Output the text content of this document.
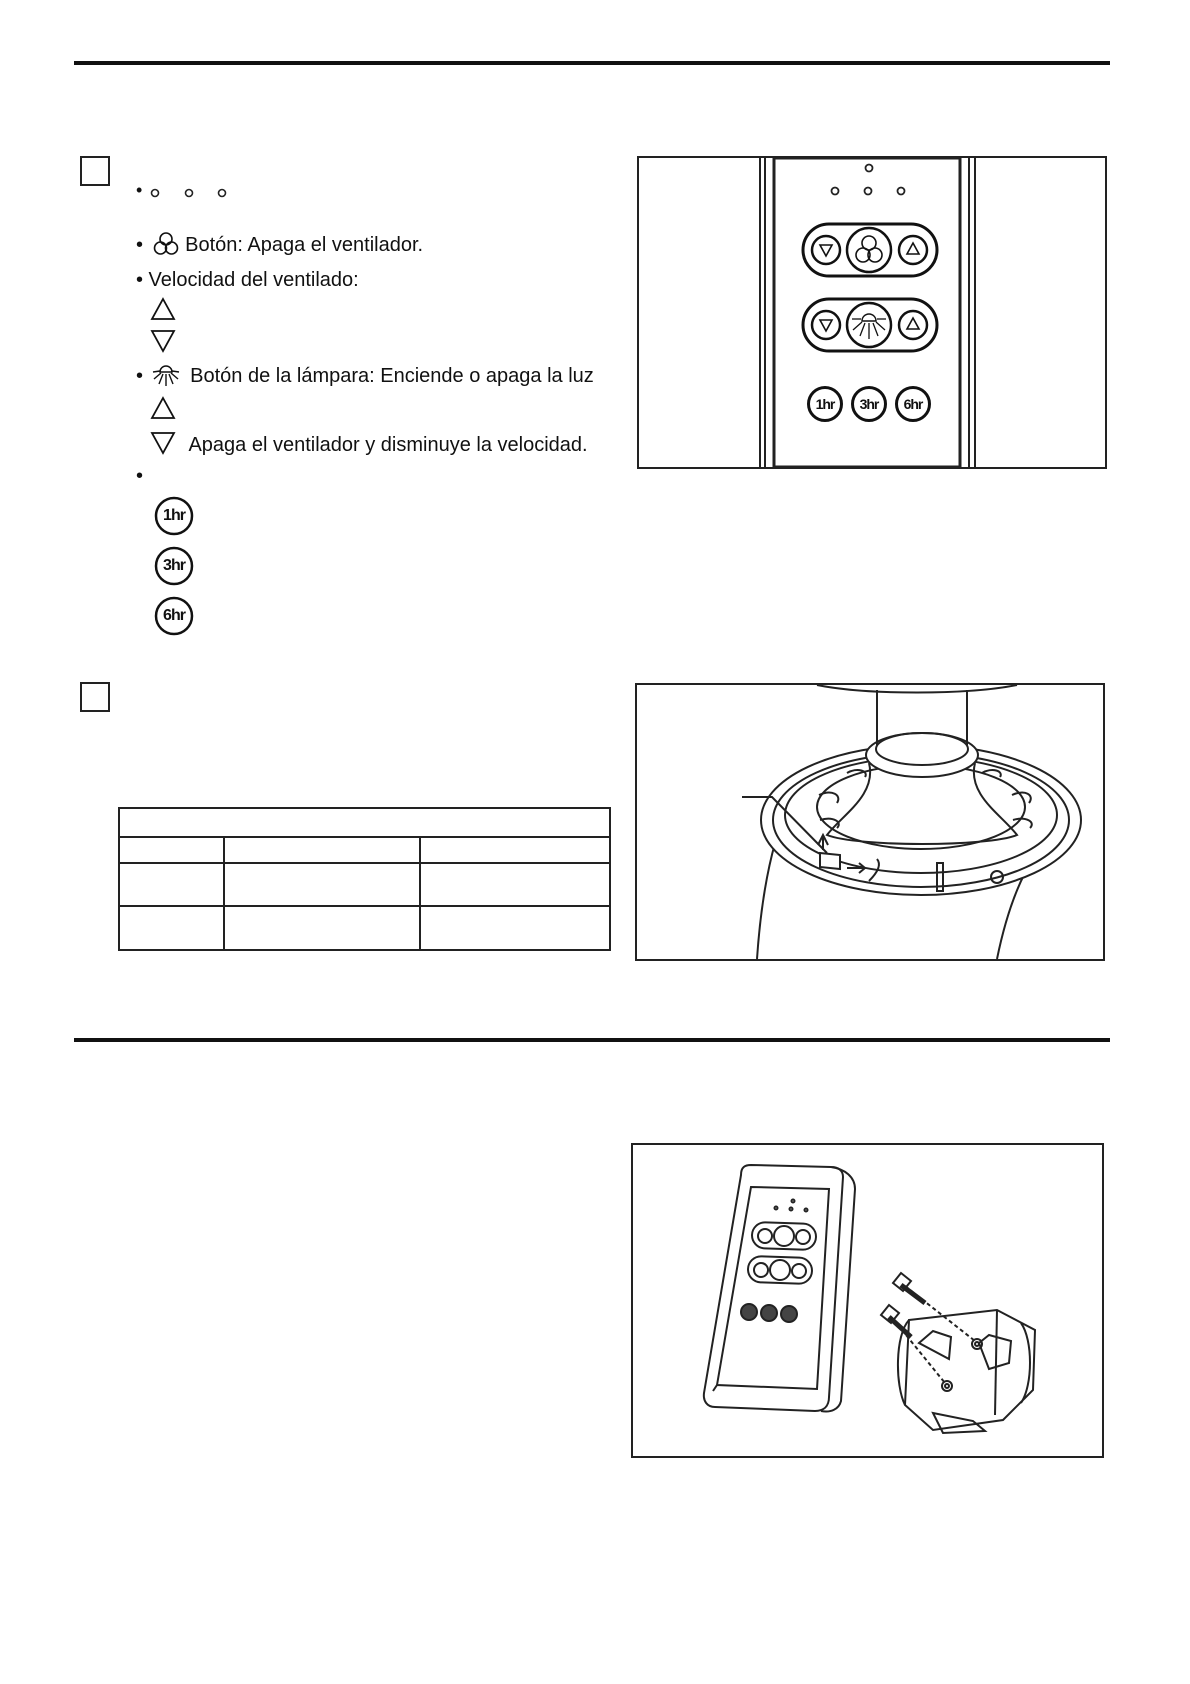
•
• Botón: Apaga el ventilador.
• Velocidad del ventilado:
• Botón de la lámpara: Enciende o apaga la luz
Apaga el ventilador y disminuye la velocidad.
•
1hr
3hr
6hr
1hr	3hr	6hr
